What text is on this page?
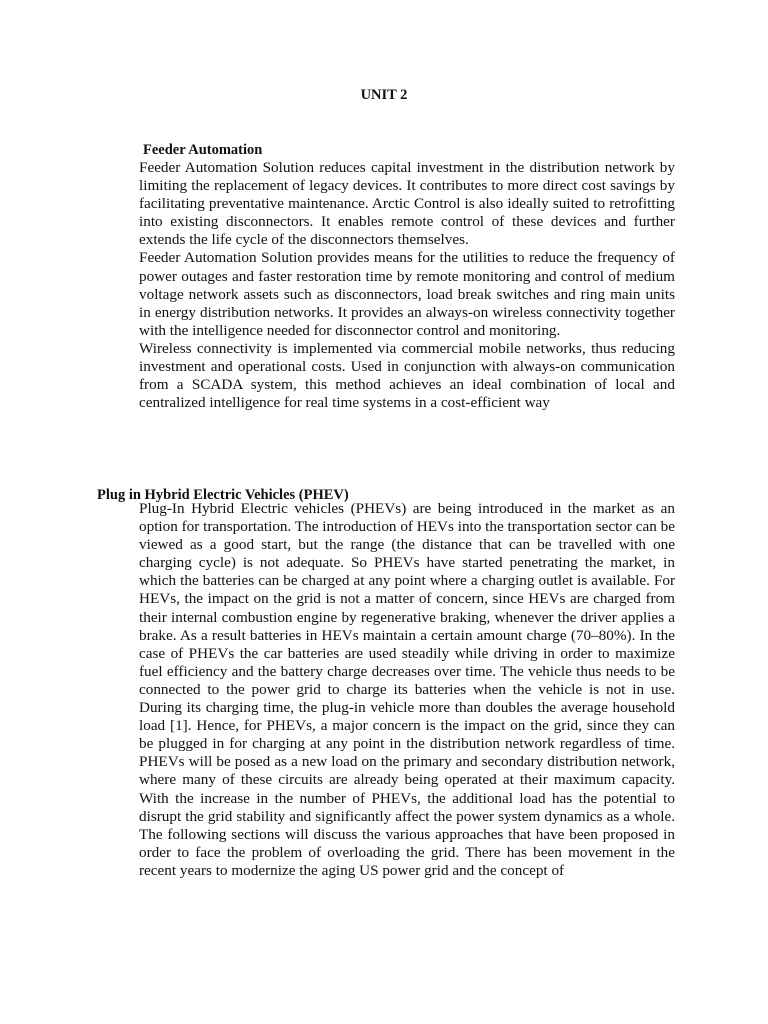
UNIT 2
Feeder Automation

Feeder Automation Solution reduces capital investment in the distribution network by limiting the replacement of legacy devices. It contributes to more direct cost savings by facilitating preventative maintenance. Arctic Control is also ideally suited to retrofitting into existing disconnectors. It enables remote control of these devices and further extends the life cycle of the disconnectors themselves.

Feeder Automation Solution provides means for the utilities to reduce the frequency of power outages and faster restoration time by remote monitoring and control of medium voltage network assets such as disconnectors, load break switches and ring main units in energy distribution networks. It provides an always-on wireless connectivity together with the intelligence needed for disconnector control and monitoring.

Wireless connectivity is implemented via commercial mobile networks, thus reducing investment and operational costs. Used in conjunction with always-on communication from a SCADA system, this method achieves an ideal combination of local and centralized intelligence for real time systems in a cost-efficient way

Plug in Hybrid Electric Vehicles (PHEV)

Plug-In Hybrid Electric vehicles (PHEVs) are being introduced in the market as an option for transportation. The introduction of HEVs into the transportation sector can be viewed as a good start, but the range (the distance that can be travelled with one charging cycle) is not adequate. So PHEVs have started penetrating the market, in which the batteries can be charged at any point where a charging outlet is available. For HEVs, the impact on the grid is not a matter of concern, since HEVs are charged from their internal combustion engine by regenerative braking, whenever the driver applies a brake. As a result batteries in HEVs maintain a certain amount charge (70–80%). In the case of PHEVs the car batteries are used steadily while driving in order to maximize fuel efficiency and the battery charge decreases over time. The vehicle thus needs to be connected to the power grid to charge its batteries when the vehicle is not in use. During its charging time, the plug-in vehicle more than doubles the average household load [1]. Hence, for PHEVs, a major concern is the impact on the grid, since they can be plugged in for charging at any point in the distribution network regardless of time. PHEVs will be posed as a new load on the primary and secondary distribution network, where many of these circuits are already being operated at their maximum capacity. With the increase in the number of PHEVs, the additional load has the potential to disrupt the grid stability and significantly affect the power system dynamics as a whole. The following sections will discuss the various approaches that have been proposed in order to face the problem of overloading the grid. There has been movement in the recent years to modernize the aging US power grid and the concept of
